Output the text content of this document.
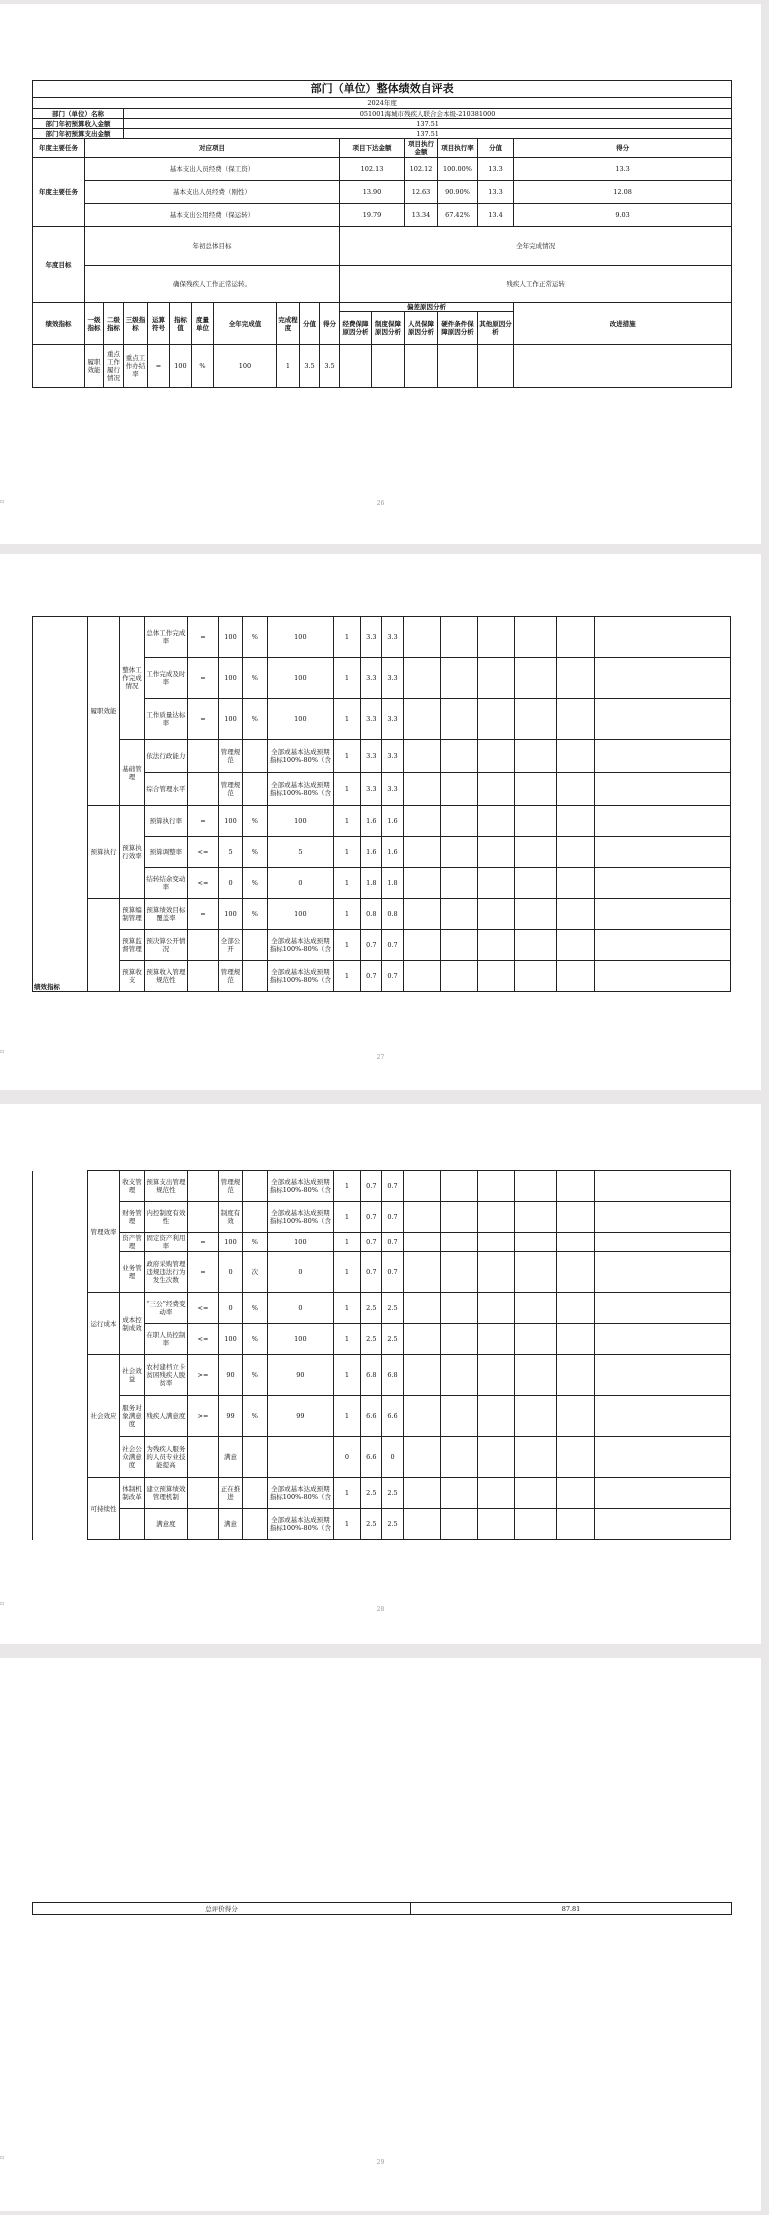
部门（单位）整体绩效自评表																
2024年度																
部门（单位）名称			051001海城市残疾人联合会本级-210381000													
部门年初预算收入金额			137.51													
部门年初预算支出金额			137.51													
年度主要任务	对应项目										项目下达金额		项目执行金额	项目执行率	分值	得分
年度主要任务	基本支出人员经费（保工资）										102.13		102.12	100.00%	13.3	13.3
	基本支出人员经费（刚性）										13.90		12.63	90.90%	13.3	12.08
	基本支出公用经费（保运转）										19.79		13.34	67.42%	13.4	9.03
年度目标	年初总体目标										全年完成情况					
	确保残疾人工作正常运转。										残疾人工作正常运转					
绩效指标	一级指标	二级指标	三级指标	运算符号	指标值	度量单位	全年完成值	完成程度	分值	得分	偏差原因分析					改进措施
											经费保障原因分析	制度保障原因分析	人员保障原因分析	硬件条件保障原因分析	其他原因分析	
	履职效能	重点工作履行情况	重点工作办结率	=	100	%	100	1	3.5	3.5						
26
▫
绩效指标	履职效能	整体工作完成情况	总体工作完成率	=	100	%	100	1	3.3	3.3						
			工作完成及时率	=	100	%	100	1	3.3	3.3						
			工作质量达标率	=	100	%	100	1	3.3	3.3						
		基础管理	依法行政能力		管理规范		全部或基本达成预期指标100%-80%（含	1	3.3	3.3						
			综合管理水平		管理规范		全部或基本达成预期指标100%-80%（含	1	3.3	3.3						
	预算执行	预算执行效率	预算执行率	=	100	%	100	1	1.6	1.6						
			预算调整率	<=	5	%	5	1	1.6	1.6						
			结转结余变动率	<=	0	%	0	1	1.8	1.8						
		预算编制管理	预算绩效目标覆盖率	=	100	%	100	1	0.8	0.8						
		预算监督管理	预决算公开情况		全部公开		全部或基本达成预期指标100%-80%（含	1	0.7	0.7						
		预算收支	预算收入管理规范性		管理规范		全部或基本达成预期指标100%-80%（含	1	0.7	0.7						
27
▫
	管理效率	收支管理	预算支出管理规范性		管理规范		全部或基本达成预期指标100%-80%（含	1	0.7	0.7						
		财务管理	内控制度有效性		制度有效		全部或基本达成预期指标100%-80%（含	1	0.7	0.7						
		资产管理	固定资产利用率	=	100	%	100	1	0.7	0.7						
		业务管理	政府采购管理违规违法行为发生次数	=	0	次	0	1	0.7	0.7						
	运行成本	成本控制成效	“三公”经费变动率	<=	0	%	0	1	2.5	2.5						
			在职人员控制率	<=	100	%	100	1	2.5	2.5						
	社会效应	社会效益	农村建档立卡贫困残疾人脱贫率	>=	90	%	90	1	6.8	6.8						
		服务对象满意度	残疾人满意度	>=	99	%	99	1	6.6	6.6						
		社会公众满意度	为残疾人服务的人员专业技能提高		满意			0	6.6	0						
	可持续性	体制机制改革	建立预算绩效管理机制		正在推进		全部或基本达成预期指标100%-80%（含	1	2.5	2.5						
			满意度		满意		全部或基本达成预期指标100%-80%（含	1	2.5	2.5						
28
▫
总评价得分	87.81
29
▫
